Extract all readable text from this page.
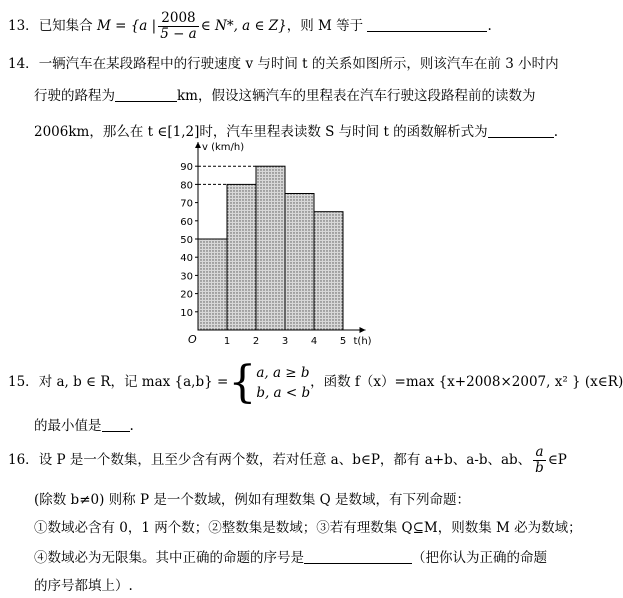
13．已知集合 M = {a | $\frac{2008}{5 - a}$ ∈ N*, a ∈ Z}，则 M 等于	.
14．一辆汽车在某段路程中的行驶速度 v 与时间 t 的关系如图所示，则该汽车在前 3 小时内
行驶的路程为	km，假设这辆汽车的里程表在汽车行驶这段路程前的读数为
2006km，那么在 t ∈[1,2]时，汽车里程表读数 S 与时间 t 的函数解析式为	.
10
20
30
40
50
60
70
80
90
1 2 3 4 5
O
v (km/h)
t(h)
15．对 a, b ∈ R，记 max {a,b} ={ a, a ≥ b
b, a < b
，函数 f（x）=max {x+2008×2007, x² } (x∈R)
的最小值是 .
16．设 P 是一个数集，且至少含有两个数，若对任意 a、b∈P，都有 a+b、a-b、ab、 $\frac{a}{b}$ ∈P
(除数 b≠0) 则称 P 是一个数域，例如有理数集 Q 是数域，有下列命题：
①数域必含有 0，1 两个数；②整数集是数域；③若有理数集 Q⊆M，则数集 M 必为数域；
④数域必为无限集。其中正确的命题的序号是	（把你认为正确的命题
的序号都填上）.
